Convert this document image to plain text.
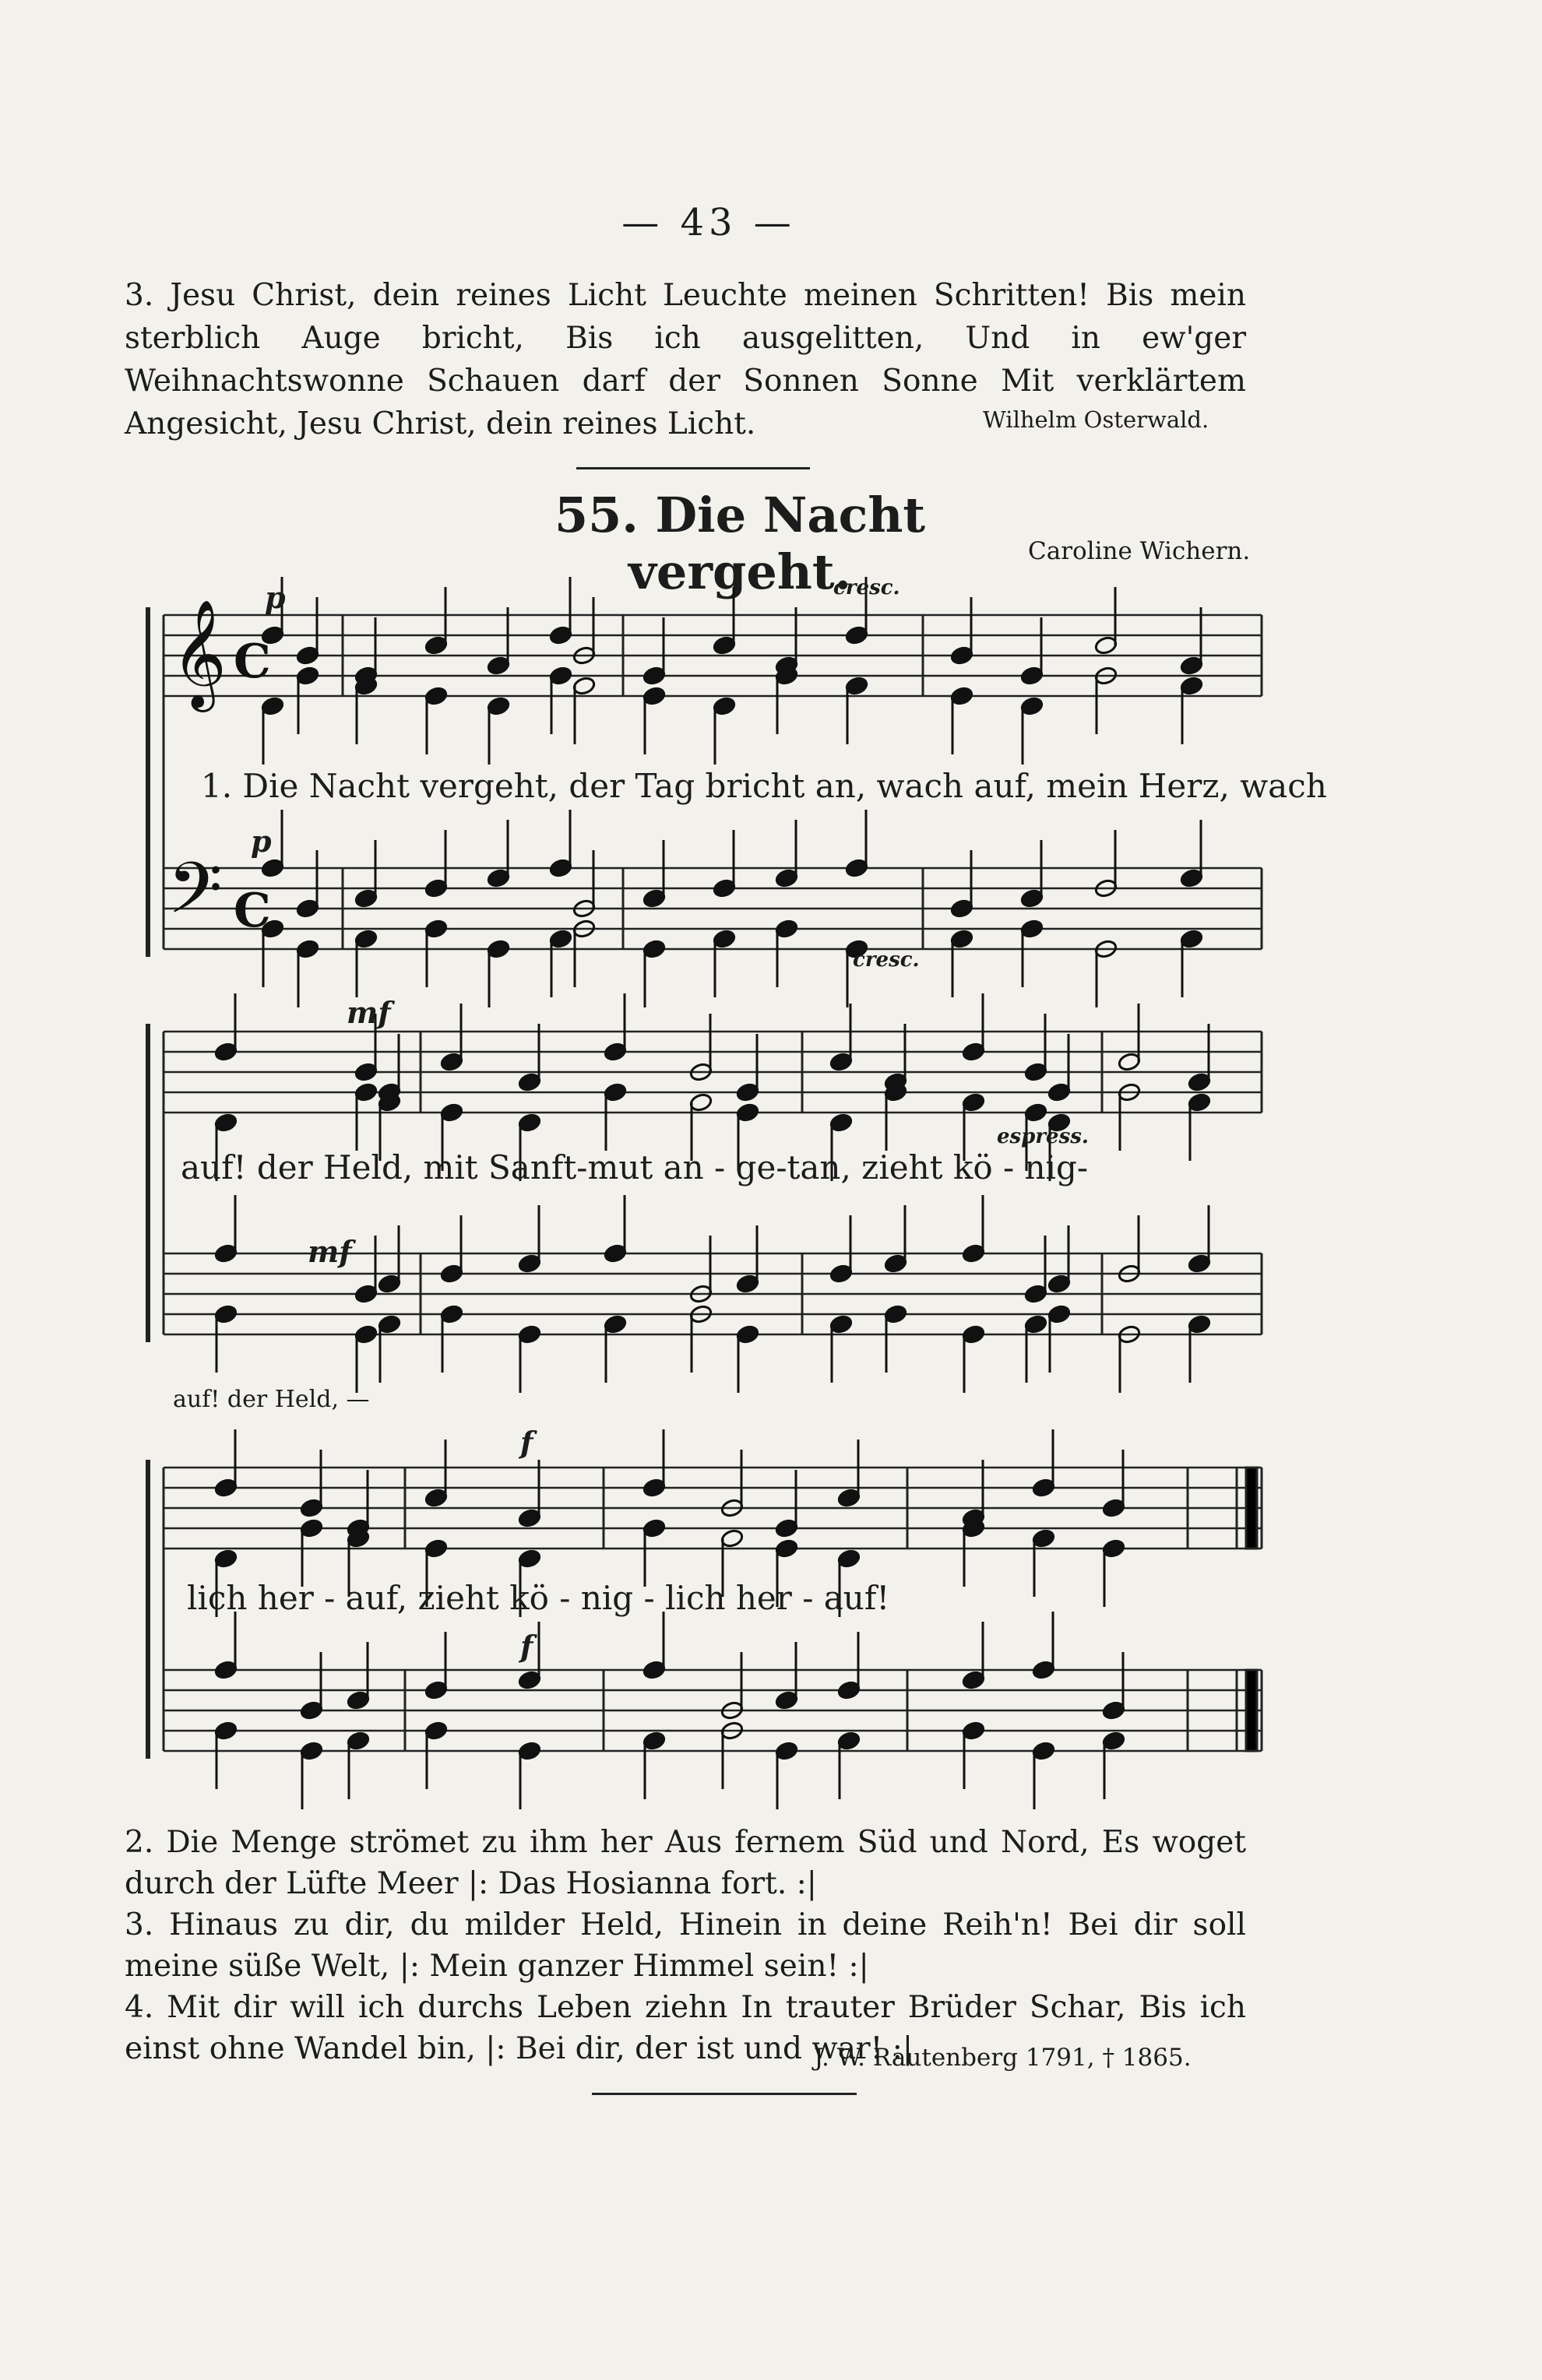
— 43 —

3. Jesu Christ, dein reines Licht Leuchte meinen Schritten! Bis mein sterblich Auge bricht, Bis ich ausgelitten, Und in ew'ger Weihnachtswonne Schauen darf der Sonnen Sonne Mit verklärtem Angesicht, Jesu Christ, dein reines Licht.	Wilhelm Osterwald.
55. Die Nacht vergeht.	Caroline Wichern.
𝄞
𝄢
C
C
p	cresc.
p
cresc.
mf
espress.
mf
f
f
1. Die Nacht vergeht, der Tag bricht an, wach auf, mein Herz, wach
auf! der Held, mit Sanft-mut an - ge-tan, zieht kö - nig-
auf! der Held, —
lich her - auf, zieht kö - nig - lich her - auf!

2. Die Menge strömet zu ihm her Aus fernem Süd und Nord, Es woget durch der Lüfte Meer |: Das Hosianna fort. :|

3. Hinaus zu dir, du milder Held, Hinein in deine Reih'n! Bei dir soll meine süße Welt, |: Mein ganzer Himmel sein! :|

4. Mit dir will ich durchs Leben ziehn In trauter Brüder Schar, Bis ich einst ohne Wandel bin, |: Bei dir, der ist und war! :|

J. W. Rautenberg 1791, † 1865.
